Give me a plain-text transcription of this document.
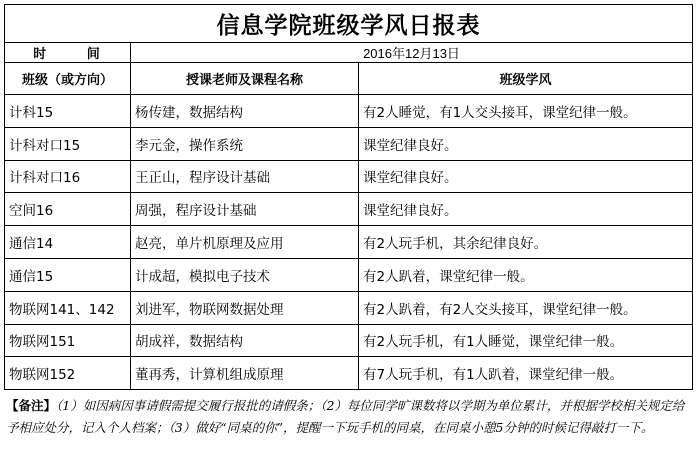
信息学院班级学风日报表		
时 间	2016年12月13日	
班级（或方向）	授课老师及课程名称	班级学风
计科15	杨传建，数据结构	有2人睡觉，有1人交头接耳，课堂纪律一般。
计科对口15	李元金，操作系统	课堂纪律良好。
计科对口16	王正山，程序设计基础	课堂纪律良好。
空间16	周强，程序设计基础	课堂纪律良好。
通信14	赵亮，单片机原理及应用	有2人玩手机，其余纪律良好。
通信15	计成超，模拟电子技术	有2人趴着，课堂纪律一般。
物联网141、142	刘进军，物联网数据处理	有2人趴着，有2人交头接耳，课堂纪律一般。
物联网151	胡成祥，数据结构	有2人玩手机，有1人睡觉，课堂纪律一般。
物联网152	董再秀，计算机组成原理	有7人玩手机，有1人趴着，课堂纪律一般。
【备注】（1）如因病因事请假需提交履行报批的请假条；（2）每位同学旷课数将以学期为单位累计，并根据学校相关规定给予相应处分，记入个人档案；（3）做好“同桌的你”，提醒一下玩手机的同桌，在同桌小憩5分钟的时候记得敲打一下。
